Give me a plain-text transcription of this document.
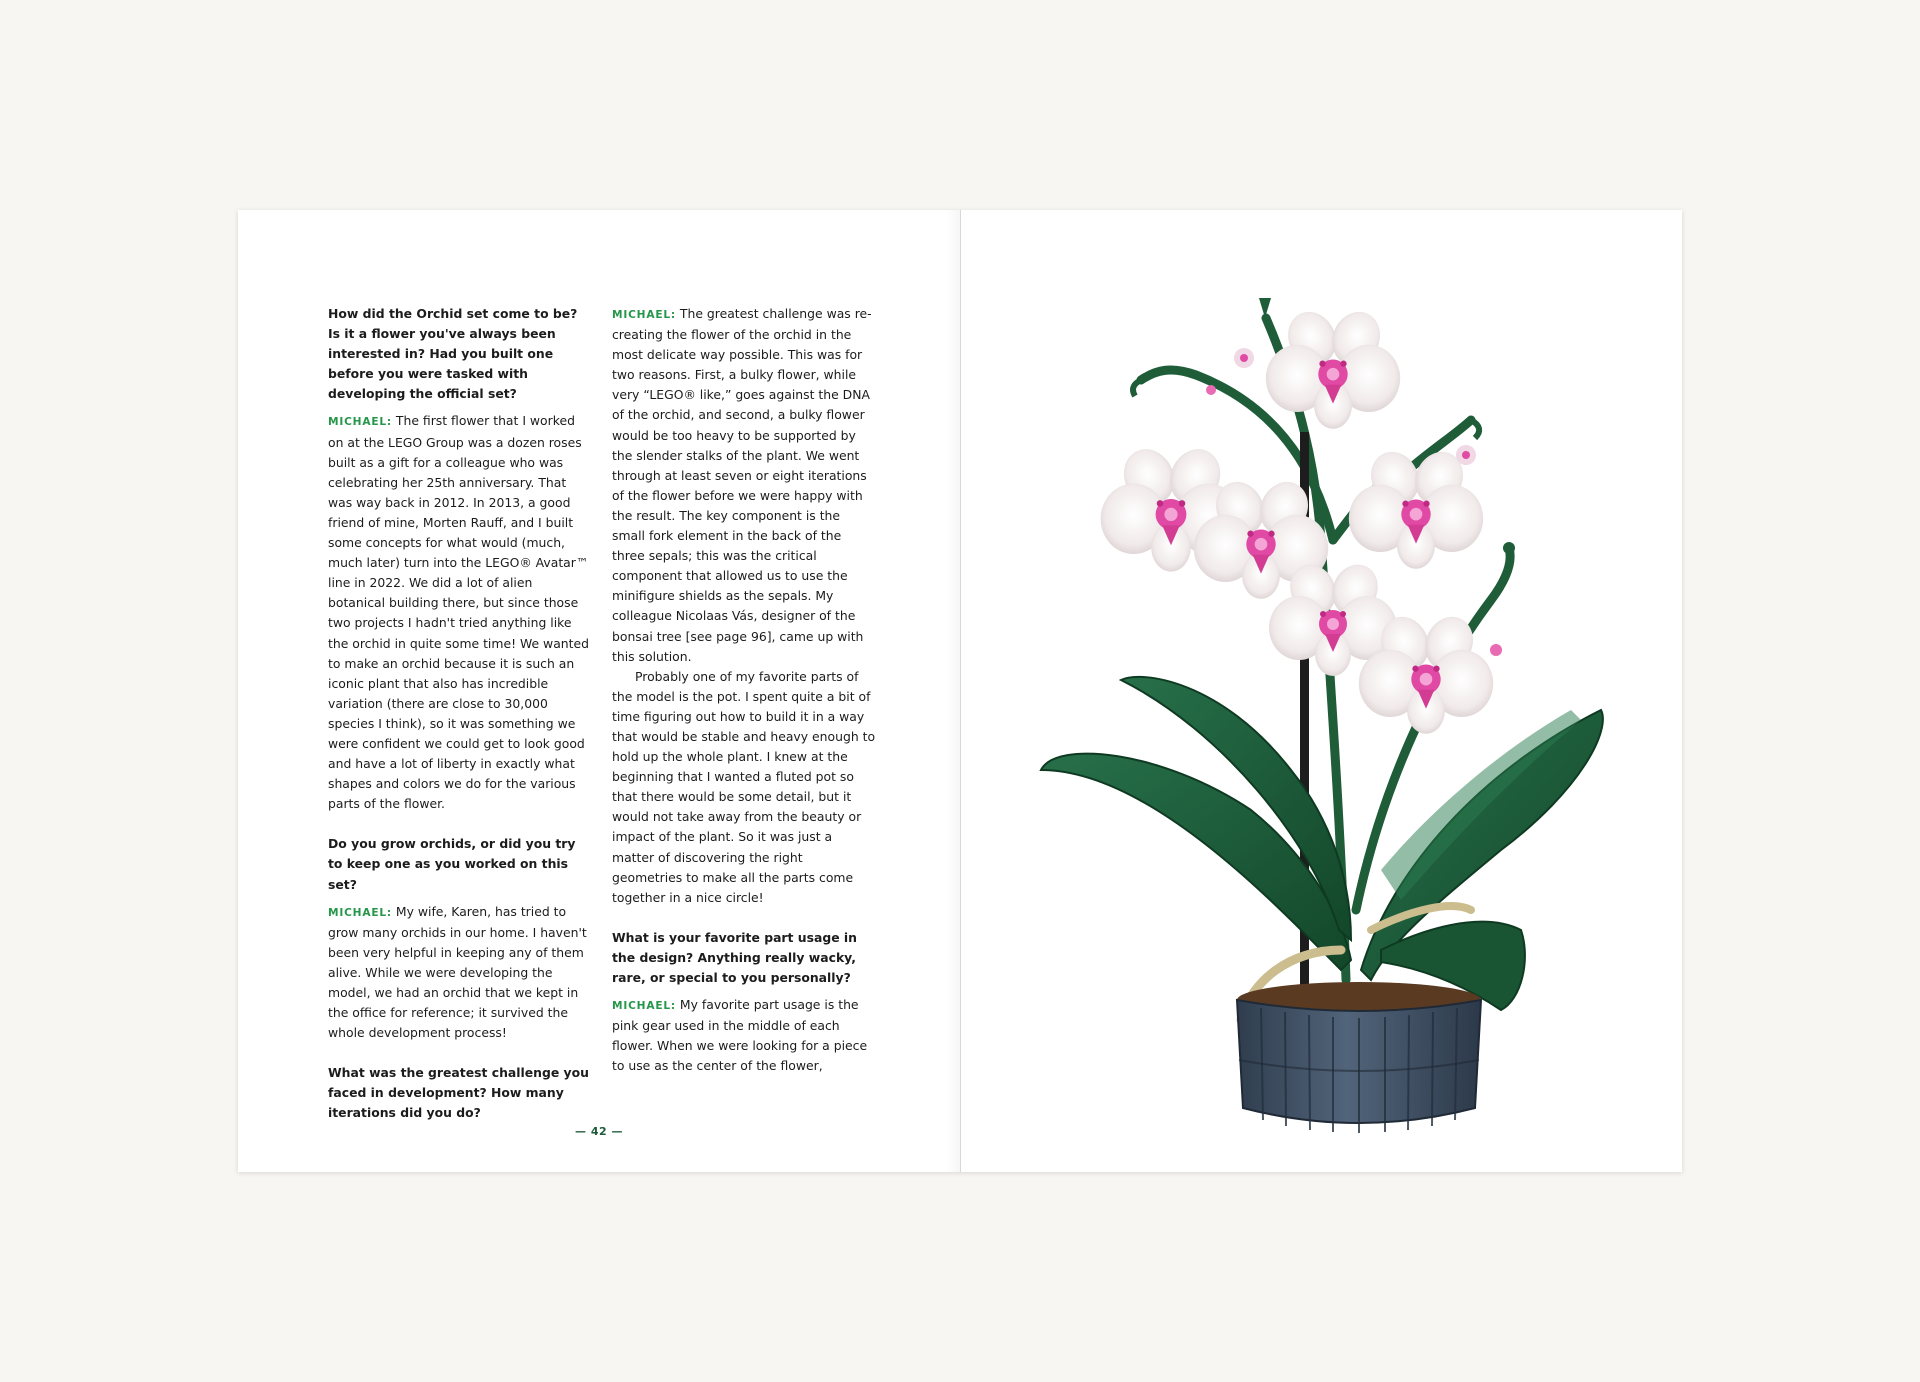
How did the Orchid set come to be? Is it a flower you've always been interested in? Had you built one before you were tasked with developing the official set?

MICHAEL: The first flower that I worked on at the LEGO Group was a dozen roses built as a gift for a colleague who was celebrating her 25th anniversary. That was way back in 2012. In 2013, a good friend of mine, Morten Rauff, and I built some concepts for what would (much, much later) turn into the LEGO® Avatar™ line in 2022. We did a lot of alien botanical building there, but since those two projects I hadn't tried anything like the orchid in quite some time! We wanted to make an orchid because it is such an iconic plant that also has incredible variation (there are close to 30,000 species I think), so it was something we were confident we could get to look good and have a lot of liberty in exactly what shapes and colors we do for the various parts of the flower.

Do you grow orchids, or did you try to keep one as you worked on this set?

MICHAEL: My wife, Karen, has tried to grow many orchids in our home. I haven't been very helpful in keeping any of them alive. While we were developing the model, we had an orchid that we kept in the office for reference; it survived the whole development process!

What was the greatest challenge you faced in development? How many iterations did you do?

MICHAEL: The greatest challenge was re-creating the flower of the orchid in the most delicate way possible. This was for two reasons. First, a bulky flower, while very “LEGO® like,” goes against the DNA of the orchid, and second, a bulky flower would be too heavy to be supported by the slender stalks of the plant. We went through at least seven or eight iterations of the flower before we were happy with the result. The key component is the small fork element in the back of the three sepals; this was the critical component that allowed us to use the minifigure shields as the sepals. My colleague Nicolaas Vás, designer of the bonsai tree [see page 96], came up with this solution.

Probably one of my favorite parts of the model is the pot. I spent quite a bit of time figuring out how to build it in a way that would be stable and heavy enough to hold up the whole plant. I knew at the beginning that I wanted a fluted pot so that there would be some detail, but it would not take away from the beauty or impact of the plant. So it was just a matter of discovering the right geometries to make all the parts come together in a nice circle!

What is your favorite part usage in the design? Anything really wacky, rare, or special to you personally?

MICHAEL: My favorite part usage is the pink gear used in the middle of each flower. When we were looking for a piece to use as the center of the flower,

— 42 —
